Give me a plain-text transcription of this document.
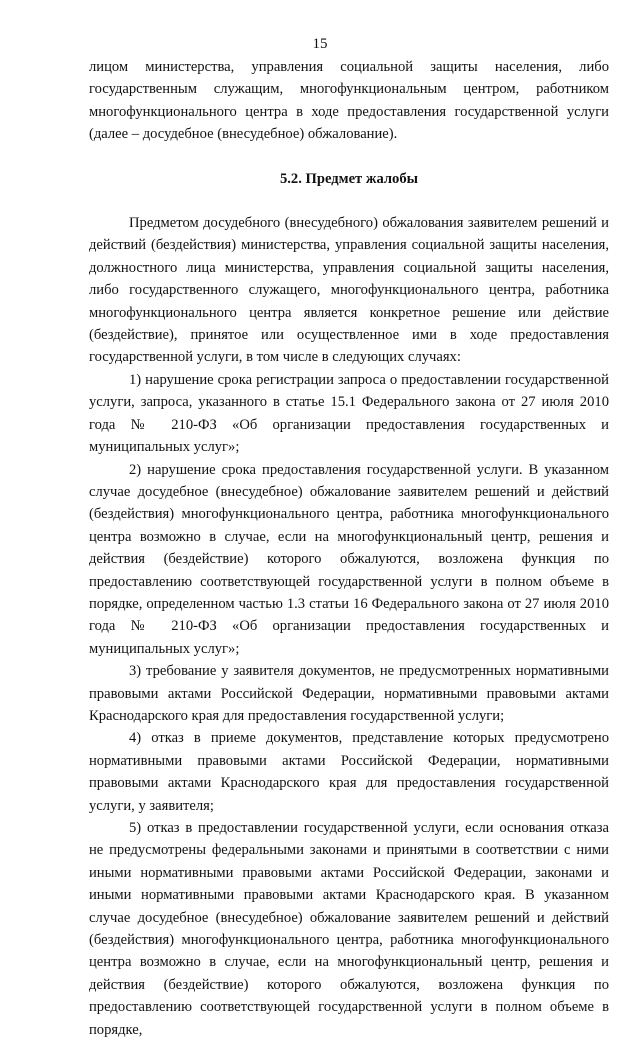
15

лицом министерства, управления социальной защиты населения, либо государственным служащим, многофункциональным центром, работником многофункционального центра в ходе предоставления государственной услуги (далее – досудебное (внесудебное) обжалование).

5.2. Предмет жалобы

Предметом досудебного (внесудебного) обжалования заявителем решений и действий (бездействия) министерства, управления социальной защиты населения, должностного лица министерства, управления социальной защиты населения, либо государственного служащего, многофункционального центра, работника многофункционального центра является конкретное решение или действие (бездействие), принятое или осуществленное ими в ходе предоставления государственной услуги, в том числе в следующих случаях:

1) нарушение срока регистрации запроса о предоставлении государственной услуги, запроса, указанного в статье 15.1 Федерального закона от 27 июля 2010 года № 210-ФЗ «Об организации предоставления государственных и муниципальных услуг»;

2) нарушение срока предоставления государственной услуги. В указанном случае досудебное (внесудебное) обжалование заявителем решений и действий (бездействия) многофункционального центра, работника многофункционального центра возможно в случае, если на многофункциональный центр, решения и действия (бездействие) которого обжалуются, возложена функция по предоставлению соответствующей государственной услуги в полном объеме в порядке, определенном частью 1.3 статьи 16 Федерального закона от 27 июля 2010 года № 210-ФЗ «Об организации предоставления государственных и муниципальных услуг»;

3) требование у заявителя документов, не предусмотренных нормативными правовыми актами Российской Федерации, нормативными правовыми актами Краснодарского края для предоставления государственной услуги;

4) отказ в приеме документов, представление которых предусмотрено нормативными правовыми актами Российской Федерации, нормативными правовыми актами Краснодарского края для предоставления государственной услуги, у заявителя;

5) отказ в предоставлении государственной услуги, если основания отказа не предусмотрены федеральными законами и принятыми в соответствии с ними иными нормативными правовыми актами Российской Федерации, законами и иными нормативными правовыми актами Краснодарского края. В указанном случае досудебное (внесудебное) обжалование заявителем решений и действий (бездействия) многофункционального центра, работника многофункционального центра возможно в случае, если на многофункциональный центр, решения и действия (бездействие) которого обжалуются, возложена функция по предоставлению соответствующей государственной услуги в полном объеме в порядке,
